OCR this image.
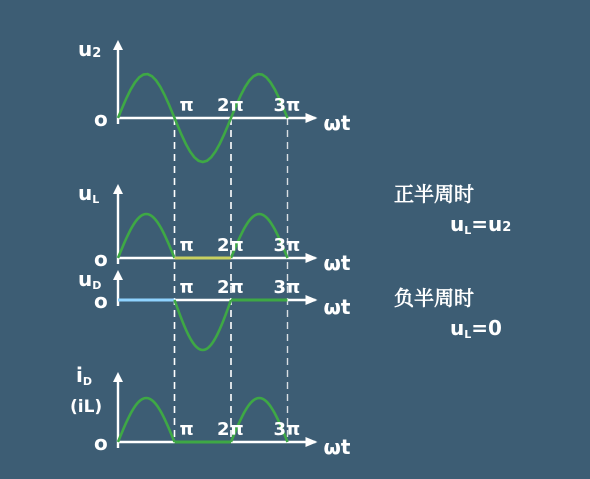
u2
o
π 2π 3π
ωt
uL
o
π 2π 3π
ωt
uD
o
π 2π 3π
ωt
iD
(iL)
o
π 2π 3π
ωt
正半周时
uL=u2
负半周时
uL=0
